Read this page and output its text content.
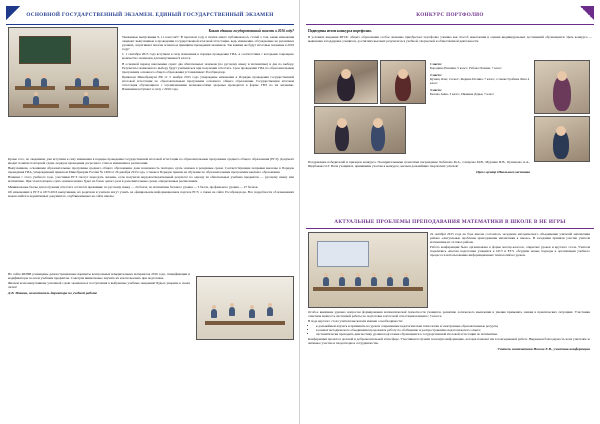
ОСНОВНОЙ ГОСУДАРСТВЕННЫЙ ЭКЗАМЕН. ЕДИНЫЙ ГОСУДАРСТВЕННЫЙ ЭКЗАМЕН
Каким единым государственный экзамен в 2016 году?

Уважаемые выпускники 9, 11 классов!!! В прошлом году в печати много публиковалось статей о том, какие изменения ожидают выпускников в проведении государственной итоговой аттестации, ведь изменения, обсуждаемые на различных уровнях, затрагивают многие аспекты и принципы проведения экзаменов. Так какими же будут итоговые экзамены в 2016 году?

С 1 сентября 2015 года вступили в силу изменения в порядке проведения ГИА, в соответствии с которыми сокращено количество экзаменов для выпускников 9 класса.

В основной период школьники сдают два обязательных экзамена (по русскому языку и математике) и два по выбору. Результаты экзаменов по выбору будут учитываться при получении аттестата. Срок проведения ГИА по образовательным программам основного общего образования устанавливает Рособрнадзор.

Приказом Минобрнаузи РФ от 5 ноября 2015 года утверждены изменения в Порядке проведения государственной итоговой аттестации по образовательным программам основного общего образования. Государственная итоговая аттестация обучающихся с ограниченными возможностями здоровья проводится в форме ГВЭ по их желанию. Изменения вступают в силу с 2016 года.

Кроме того, по сведениям, уже вступили в силу изменения в порядке проведения государственной итоговой аттестации по образовательным программам среднего общего образования (ЕГЭ). Документ вводит понятие повторной сдачи, порядок проведения досрочного этапа и изменения в расписании.

Выпускникам, освоившим образовательные программы среднего общего образования, дана возможность повторно сдать экзамен в резервные сроки. Соответствующие поправки внесены в Порядок проведения ГИА, утвержденный приказом Минобрнауки России № 1400 от 26 декабря 2013 года, а также в Порядок приема на обучение по образовательным программам высшего образования.

Начиная с этого учебного года, участники ЕГЭ смогут пересдать экзамен, если получили неудовлетворительный результат по одному из обязательных учебных предметов — русскому языку или математике. При этом повторно сдать экзамен можно будет не более одного раза в дополнительные сроки, определенные расписанием.

Минимальные баллы для получения аттестата остаются прежними: по русскому языку — 24 балла, по математике базового уровня — 3 балла, профильного уровня — 27 баллов.

Об изменениях в ЕГЭ и ОГЭ-2016 выпускники, их родители и учителя могут узнать на официальном информационном портале ЕГЭ, а также на сайте Рособрнадзора. Все подробности об изменениях можно найти в нормативных документах, опубликованных на сайте школы.

На сайте ФИПИ размещены демонстрационные варианты контрольных измерительных материалов 2016 года, спецификации и кодификаторы по всем учебным предметам. Советуем внимательно изучить их и использовать при подготовке.

Желаем всем выпускникам успешной сдачи экзаменов и поступления в выбранные учебные заведения! Будьте уверены в своих силах!

Д.В. Мишин, заместитель директора по учебной работе
КОНКУРС ПОРТФОЛИО
Подведены итоги конкурса портфолио.

В условиях введения ФГОС общего образования особое значение приобретает портфолио ученика как способ накопления и оценки индивидуальных достижений обучающихся. Цель конкурса — выявление и поддержка учащихся, достигших высоких результатов в учебной, творческой и общественной деятельности.

1 место:
Бородина Евгения, 5 класс, Рабова Полина, 7 класс
2 место:
Кузнец Олег, 2 класс, Федина Полина, 7 класс, а также Гробина Лиза 4 класс
3 место:
Белова Анна, 3 класс, Ивакина Дарья, 7 класс

Поздравляем победителей и призеров конкурса. Поощрительными грамотами награждены: Кабанова М.А., Сапарова М.В., Мурзина И.В., Кузнецова А.А., Щербакова О.Г. Всем учащимся, принявшим участие в конкурсе, желаем дальнейших творческих успехов!

Пресс-центр Школьного вестника
АКТУАЛЬНЫЕ ПРОБЛЕМЫ ПРЕПОДАВАНИЯ МАТЕМАТИКИ В ШКОЛЕ В НЕ ИГРЫ

22 октября 2015 года на базе школы состоялось заседание методического объединения учителей математики района «Актуальные проблемы преподавания математики в школе». В заседании приняли участие учителя математики из 12 школ района.

Работа конференции была организована в форме мастер-классов, открытых уроков и круглого стола. Учителя поделились опытом подготовки учащихся к ОГЭ и ЕГЭ, обсудили новые подходы к организации учебного процесса и использованию информационных технологий на уроках.

Особое внимание уделено вопросам формирования математической грамотности учащихся, развитию логического мышления и умения применять знания в практических ситуациях. Участники отметили важность системной работы по подготовке к итоговой аттестации начиная с 5 класса.

В ходе круглого стола учителя высказали мнение о необходимости:

• в дальнейшем изучать и применять на уроках современные педагогические технологии и электронные образовательные ресурсы;
• в рамках методического объединения продолжить работу по обобщению и распространению педагогического опыта;
• систематически проводить диагностику уровня подготовки обучающихся к государственной итоговой аттестации по математике.

Конференция прошла в деловой и доброжелательной атмосфере. Участники получили полезную информацию, которая поможет им в повседневной работе. Выражаем благодарность всем учителям за активное участие и плодотворное сотрудничество.

Учитель математики Носова Е.В., участник конференции
